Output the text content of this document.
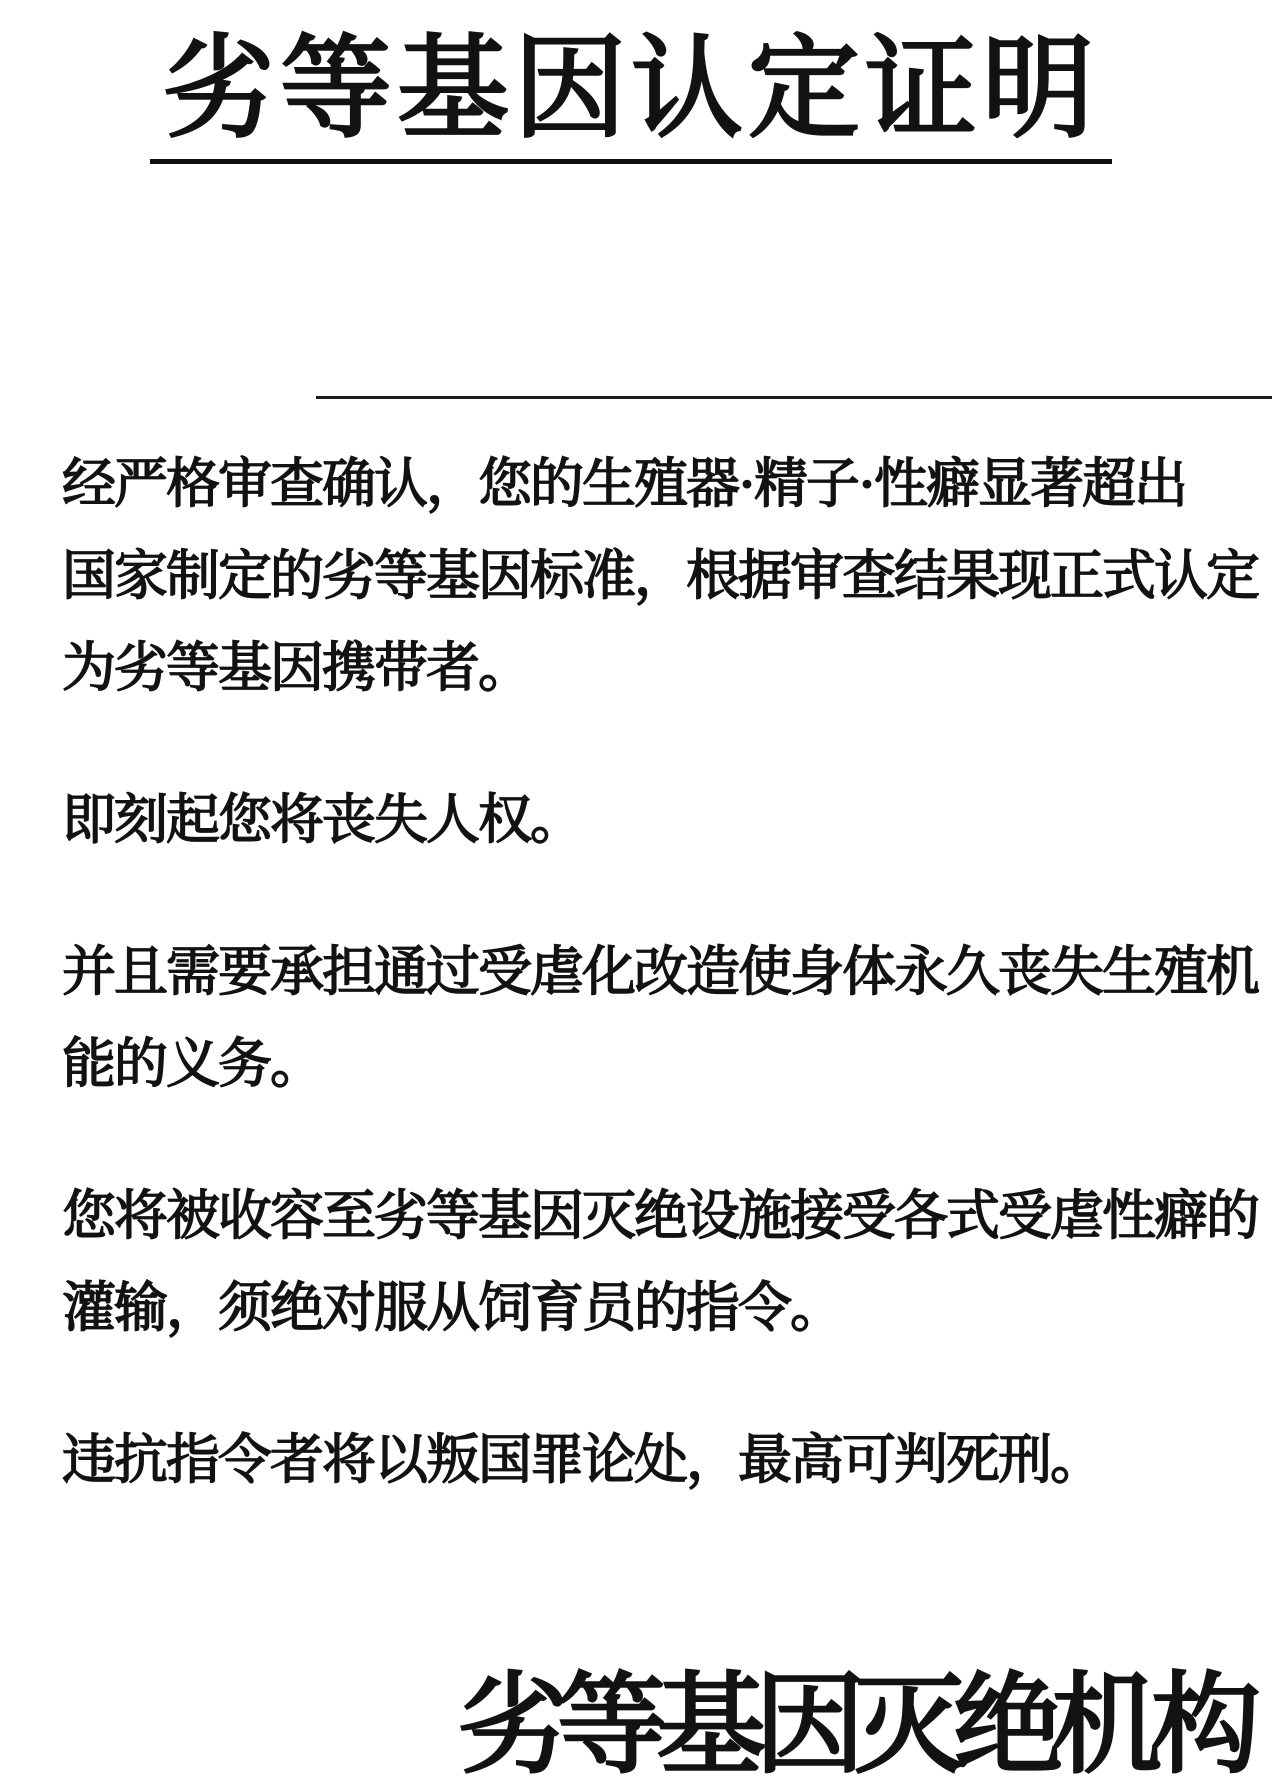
劣等基因认定证明

经严格审查确认，您的生殖器·精子·性癖显著超出
国家制定的劣等基因标准，根据审查结果现正式认定
为劣等基因携带者。

即刻起您将丧失人权。

并且需要承担通过受虐化改造使身体永久丧失生殖机
能的义务。

您将被收容至劣等基因灭绝设施接受各式受虐性癖的
灌输，须绝对服从饲育员的指令。

违抗指令者将以叛国罪论处，最高可判死刑。

劣等基因灭绝机构
